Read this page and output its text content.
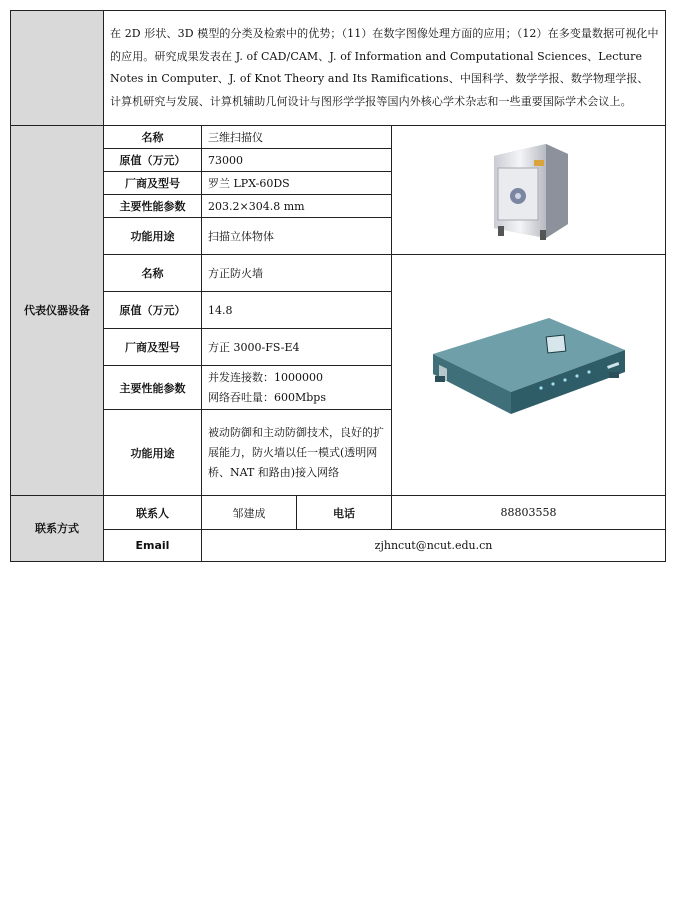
	在 2D 形状、3D 模型的分类及检索中的优势；（11）在数字图像处理方面的应用；（12）在多变量数据可视化中的应用。研究成果发表在 J. of CAD/CAM、J. of Information and Computational Sciences、Lecture Notes in Computer、J. of Knot Theory and Its Ramifications、中国科学、数学学报、数学物理学报、计算机研究与发展、计算机辅助几何设计与图形学学报等国内外核心学术杂志和一些重要国际学术会议上。			
代表仪器设备	名称	三维扫描仪	

	原值（万元）	73000		
	厂商及型号	罗兰 LPX-60DS		
	主要性能参数	203.2×304.8 mm		
	功能用途	扫描立体物体		
	名称	方正防火墙	

	原值（万元）	14.8		
	厂商及型号	方正 3000-FS-E4		
	主要性能参数	并发连接数：1000000
网络吞吐量：600Mbps		

	功能用途	被动防御和主动防御技术，良好的扩展能力，防火墙以任一模式(透明网桥、NAT 和路由)接入网络		
联系方式	联系人	邹建成	电话	88803558
	Email	zjhncut@ncut.edu.cn		
